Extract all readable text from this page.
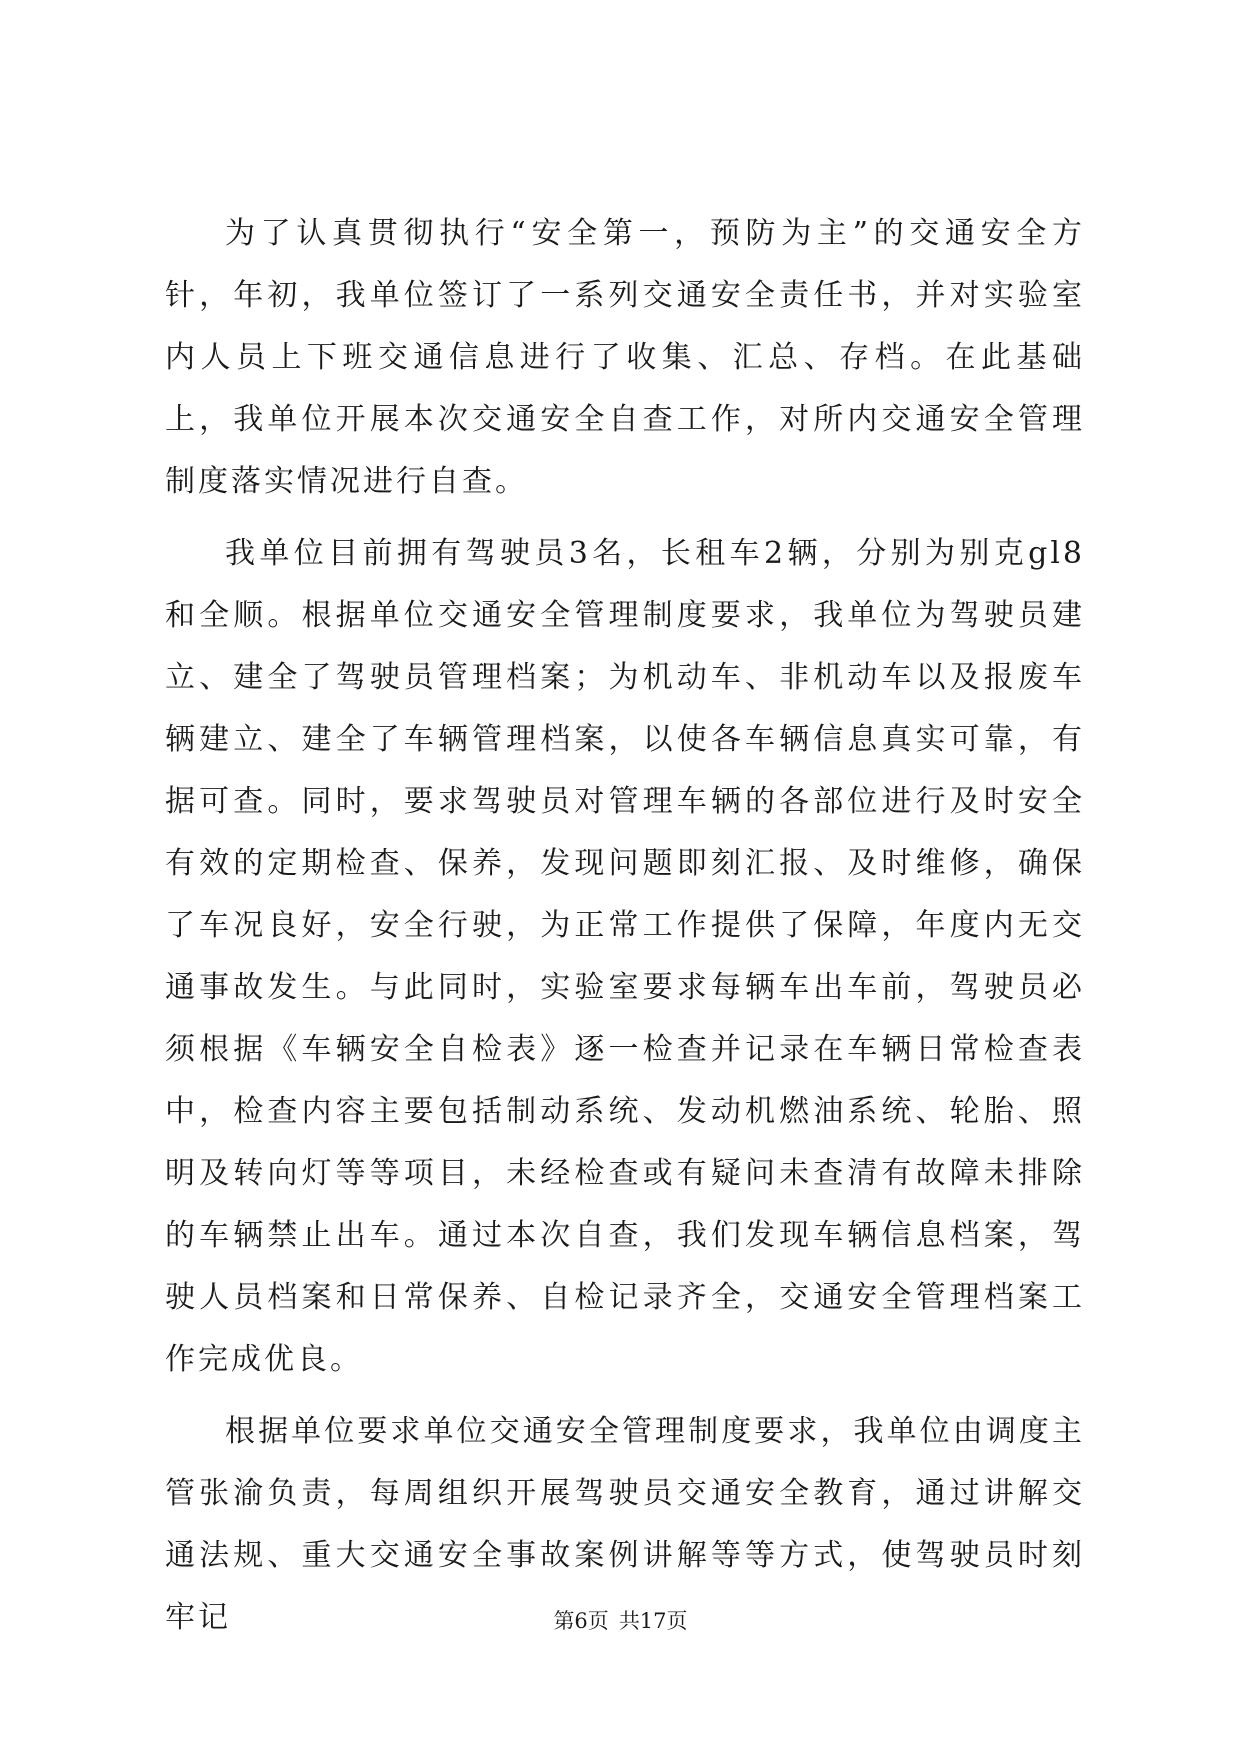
为了认真贯彻执行“安全第一，预防为主”的交通安全方针，年初，我单位签订了一系列交通安全责任书，并对实验室内人员上下班交通信息进行了收集、汇总、存档。在此基础上，我单位开展本次交通安全自查工作，对所内交通安全管理制度落实情况进行自查。

我单位目前拥有驾驶员3名，长租车2辆，分别为别克gl8和全顺。根据单位交通安全管理制度要求，我单位为驾驶员建立、建全了驾驶员管理档案；为机动车、非机动车以及报废车辆建立、建全了车辆管理档案，以使各车辆信息真实可靠，有据可查。同时，要求驾驶员对管理车辆的各部位进行及时安全有效的定期检查、保养，发现问题即刻汇报、及时维修，确保了车况良好，安全行驶，为正常工作提供了保障，年度内无交通事故发生。与此同时，实验室要求每辆车出车前，驾驶员必须根据《车辆安全自检表》逐一检查并记录在车辆日常检查表中，检查内容主要包括制动系统、发动机燃油系统、轮胎、照明及转向灯等等项目，未经检查或有疑问未查清有故障未排除的车辆禁止出车。通过本次自查，我们发现车辆信息档案，驾驶人员档案和日常保养、自检记录齐全，交通安全管理档案工作完成优良。

根据单位要求单位交通安全管理制度要求，我单位由调度主管张渝负责，每周组织开展驾驶员交通安全教育，通过讲解交通法规、重大交通安全事故案例讲解等等方式，使驾驶员时刻牢记	第6页 共17页
